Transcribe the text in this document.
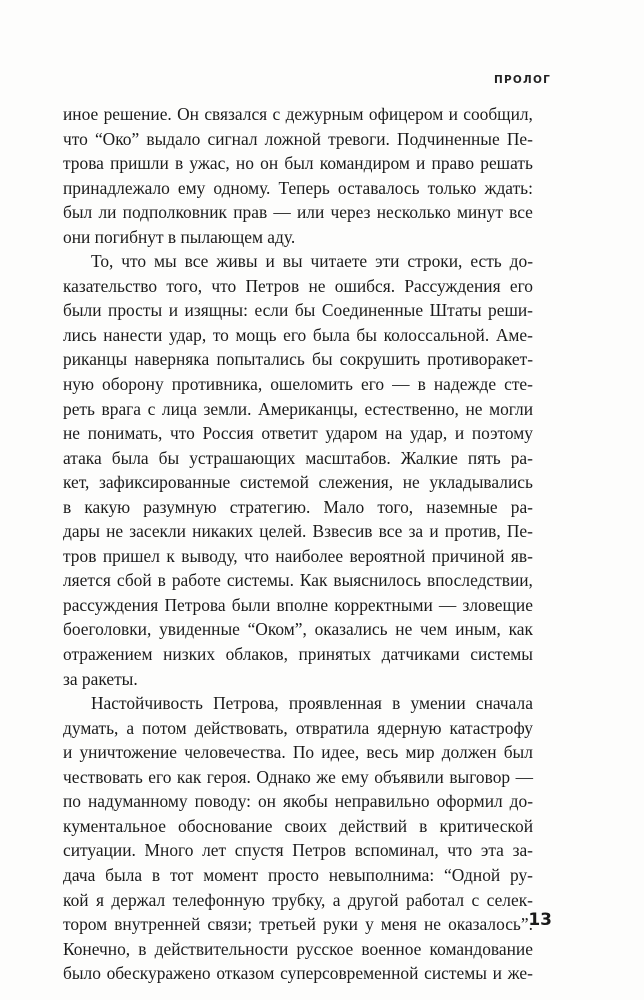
ПРОЛОГ
иное решение. Он связался с дежурным офицером и сообщил,
что “Око” выдало сигнал ложной тревоги. Подчиненные Пе-
трова пришли в ужас, но он был командиром и право решать
принадлежало ему одному. Теперь оставалось только ждать:
был ли подполковник прав — или через несколько минут все
они погибнут в пылающем аду.
То, что мы все живы и вы читаете эти строки, есть до-
казательство того, что Петров не ошибся. Рассуждения его
были просты и изящны: если бы Соединенные Штаты реши-
лись нанести удар, то мощь его была бы колоссальной. Аме-
риканцы наверняка попытались бы сокрушить противоракет-
ную оборону противника, ошеломить его — в надежде сте-
реть врага с лица земли. Американцы, естественно, не могли
не понимать, что Россия ответит ударом на удар, и поэтому
атака была бы устрашающих масштабов. Жалкие пять ра-
кет, зафиксированные системой слежения, не укладывались
в какую разумную стратегию. Мало того, наземные ра-
дары не засекли никаких целей. Взвесив все за и против, Пе-
тров пришел к выводу, что наиболее вероятной причиной яв-
ляется сбой в работе системы. Как выяснилось впоследствии,
рассуждения Петрова были вполне корректными — зловещие
боеголовки, увиденные “Оком”, оказались не чем иным, как
отражением низких облаков, принятых датчиками системы
за ракеты.
Настойчивость Петрова, проявленная в умении сначала
думать, а потом действовать, отвратила ядерную катастрофу
и уничтожение человечества. По идее, весь мир должен был
чествовать его как героя. Однако же ему объявили выговор —
по надуманному поводу: он якобы неправильно оформил до-
кументальное обоснование своих действий в критической
ситуации. Много лет спустя Петров вспоминал, что эта за-
дача была в тот момент просто невыполнима: “Одной ру-
кой я держал телефонную трубку, а другой работал с селек-
тором внутренней связи; третьей руки у меня не оказалось”.
Конечно, в действительности русское военное командование
было обескуражено отказом суперсовременной системы и же-
13
